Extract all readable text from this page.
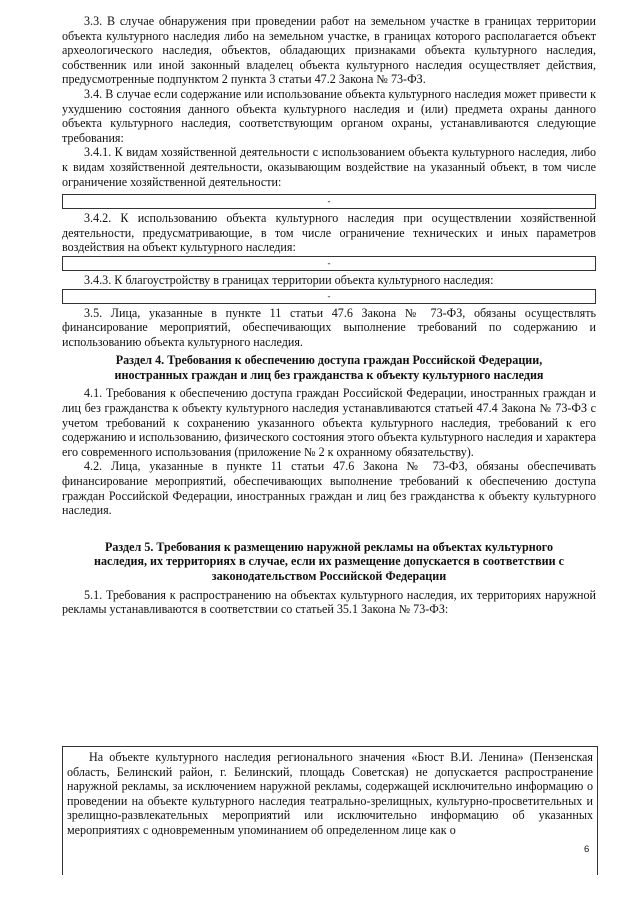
3.3. В случае обнаружения при проведении работ на земельном участке в границах территории объекта культурного наследия либо на земельном участке, в границах которого располагается объект археологического наследия, объектов, обладающих признаками объекта культурного наследия, собственник или иной законный владелец объекта культурного наследия осуществляет действия, предусмотренные подпунктом 2 пункта 3 статьи 47.2 Закона № 73-ФЗ.

3.4. В случае если содержание или использование объекта культурного наследия может привести к ухудшению состояния данного объекта культурного наследия и (или) предмета охраны данного объекта культурного наследия, соответствующим органом охраны, устанавливаются следующие требования:

3.4.1. К видам хозяйственной деятельности с использованием объекта культурного наследия, либо к видам хозяйственной деятельности, оказывающим воздействие на указанный объект, в том числе ограничение хозяйственной деятельности:

-

3.4.2. К использованию объекта культурного наследия при осуществлении хозяйственной деятельности, предусматривающие, в том числе ограничение технических и иных параметров воздействия на объект культурного наследия:

-

3.4.3. К благоустройству в границах территории объекта культурного наследия:

-

3.5. Лица, указанные в пункте 11 статьи 47.6 Закона № 73-ФЗ, обязаны осуществлять финансирование мероприятий, обеспечивающих выполнение требований по содержанию и использованию объекта культурного наследия.

Раздел 4. Требования к обеспечению доступа граждан Российской Федерации,

иностранных граждан и лиц без гражданства к объекту культурного наследия

4.1. Требования к обеспечению доступа граждан Российской Федерации, иностранных граждан и лиц без гражданства к объекту культурного наследия устанавливаются статьей 47.4 Закона № 73-ФЗ с учетом требований к сохранению указанного объекта культурного наследия, требований к его содержанию и использованию, физического состояния этого объекта культурного наследия и характера его современного использования (приложение № 2 к охранному обязательству).

4.2. Лица, указанные в пункте 11 статьи 47.6 Закона № 73-ФЗ, обязаны обеспечивать финансирование мероприятий, обеспечивающих выполнение требований к обеспечению доступа граждан Российской Федерации, иностранных граждан и лиц без гражданства к объекту культурного наследия.

Раздел 5. Требования к размещению наружной рекламы на объектах культурного

наследия, их территориях в случае, если их размещение допускается в соответствии с

законодательством Российской Федерации

5.1. Требования к распространению на объектах культурного наследия, их территориях наружной рекламы устанавливаются в соответствии со статьей 35.1 Закона № 73-ФЗ:

На объекте культурного наследия регионального значения «Бюст В.И. Ленина» (Пензенская область, Белинский район, г. Белинский, площадь Советская) не допускается распространение наружной рекламы, за исключением наружной рекламы, содержащей исключительно информацию о проведении на объекте культурного наследия театрально-зрелищных, культурно-просветительных и зрелищно-развлекательных мероприятий или исключительно информацию об указанных мероприятиях с одновременным упоминанием об определенном лице как о

6
